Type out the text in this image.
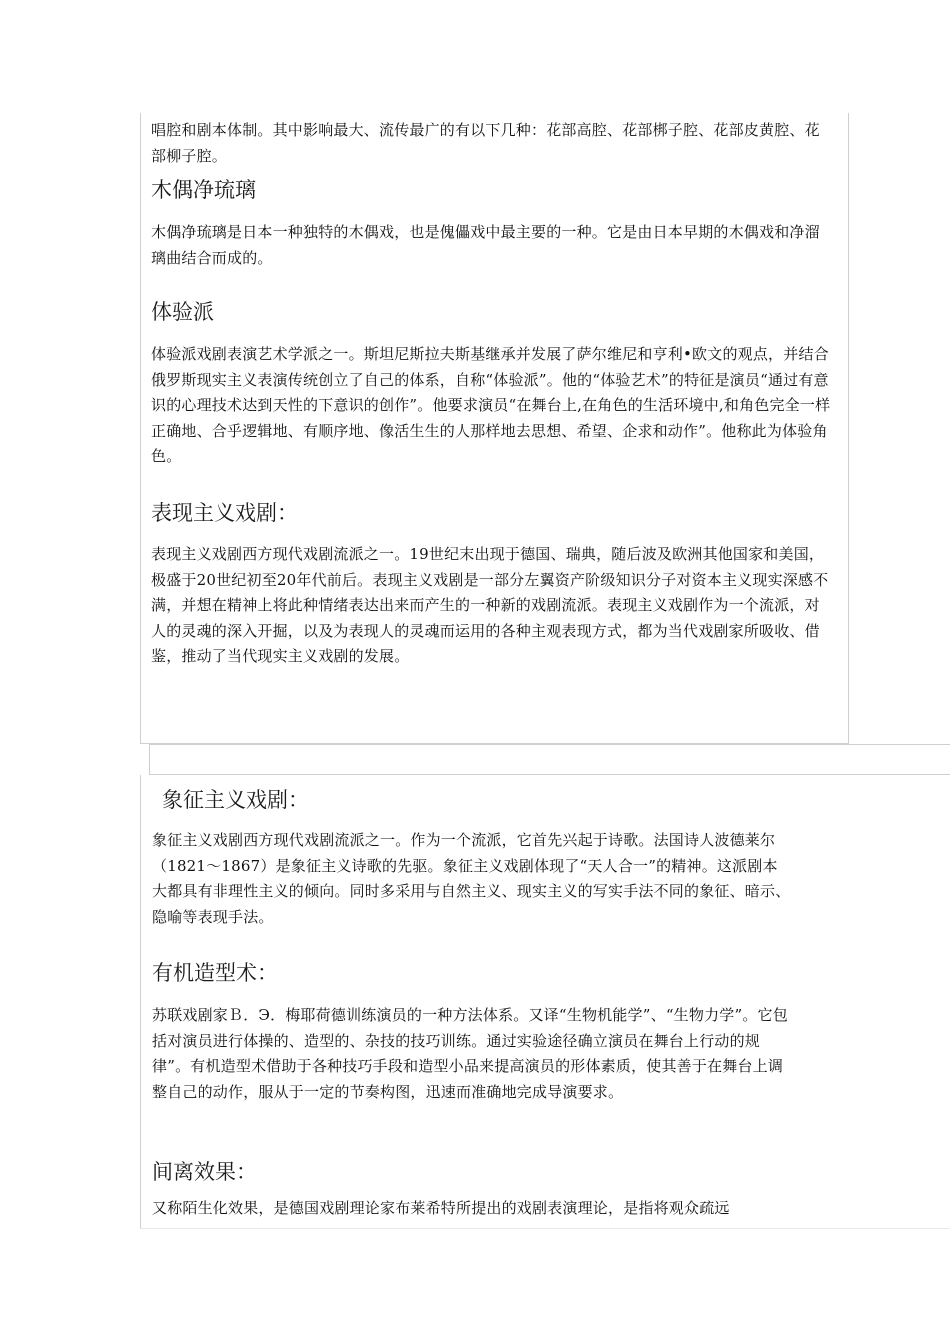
唱腔和剧本体制。其中影响最大、流传最广的有以下几种：花部高腔、花部梆子腔、花部皮黄腔、花部柳子腔。

木偶净琉璃

木偶净琉璃是日本一种独特的木偶戏，也是傀儡戏中最主要的一种。它是由日本早期的木偶戏和净溜璃曲结合而成的。

体验派

体验派戏剧表演艺术学派之一。斯坦尼斯拉夫斯基继承并发展了萨尔维尼和亨利•欧文的观点，并结合俄罗斯现实主义表演传统创立了自己的体系，自称“体验派”。他的“体验艺术”的特征是演员“通过有意识的心理技术达到天性的下意识的创作”。他要求演员“在舞台上,在角色的生活环境中,和角色完全一样正确地、合乎逻辑地、有顺序地、像活生生的人那样地去思想、希望、企求和动作”。他称此为体验角色。

表现主义戏剧：

表现主义戏剧西方现代戏剧流派之一。19世纪末出现于德国、瑞典，随后波及欧洲其他国家和美国，极盛于20世纪初至20年代前后。表现主义戏剧是一部分左翼资产阶级知识分子对资本主义现实深感不满，并想在精神上将此种情绪表达出来而产生的一种新的戏剧流派。表现主义戏剧作为一个流派，对人的灵魂的深入开掘，以及为表现人的灵魂而运用的各种主观表现方式，都为当代戏剧家所吸收、借鉴，推动了当代现实主义戏剧的发展。

象征主义戏剧：

象征主义戏剧西方现代戏剧流派之一。作为一个流派，它首先兴起于诗歌。法国诗人波德莱尔（1821～1867）是象征主义诗歌的先驱。象征主义戏剧体现了“天人合一”的精神。这派剧本大都具有非理性主义的倾向。同时多采用与自然主义、现实主义的写实手法不同的象征、暗示、隐喻等表现手法。

有机造型术：

苏联戏剧家Ｂ．Э．梅耶荷德训练演员的一种方法体系。又译“生物机能学”、“生物力学”。它包括对演员进行体操的、造型的、杂技的技巧训练。通过实验途径确立演员在舞台上行动的规律”。有机造型术借助于各种技巧手段和造型小品来提高演员的形体素质，使其善于在舞台上调整自己的动作，服从于一定的节奏构图，迅速而准确地完成导演要求。

间离效果：

又称陌生化效果，是德国戏剧理论家布莱希特所提出的戏剧表演理论，是指将观众疏远
